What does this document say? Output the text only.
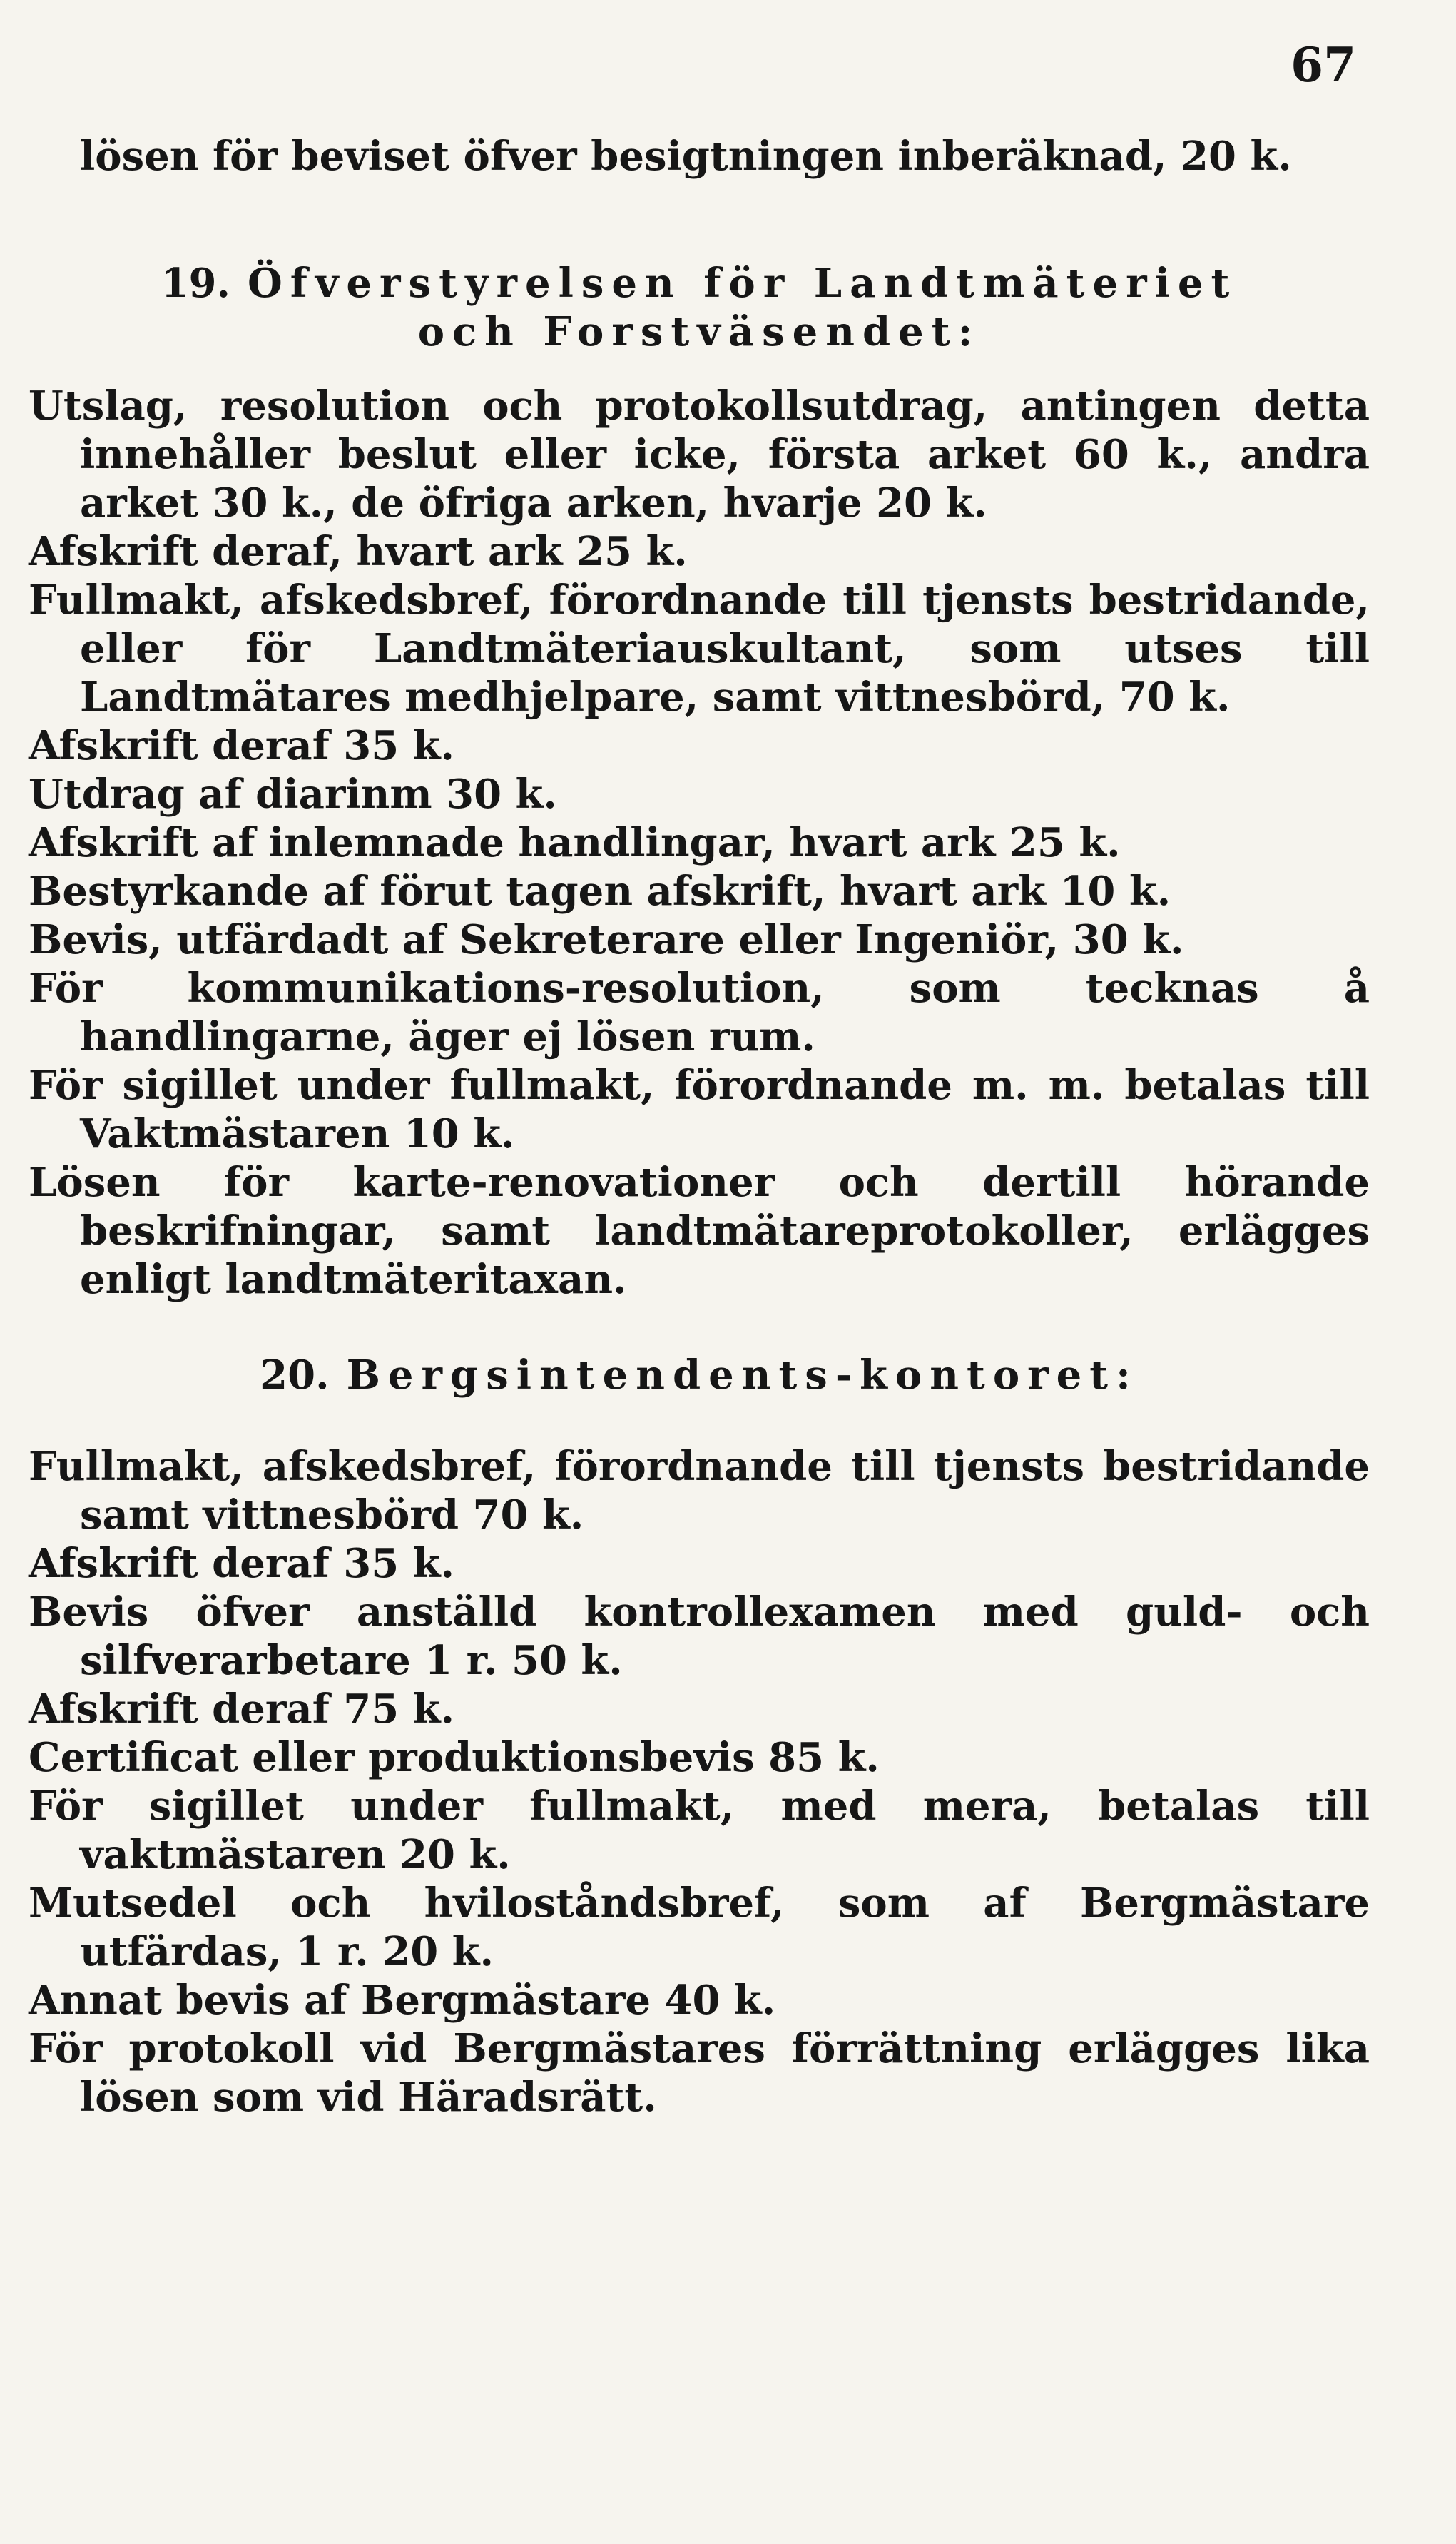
67
lösen för beviset öfver besigtningen inberäknad, 20 k.
19. Öfverstyrelsen för Landtmäteriet
och Forstväsendet:
Utslag, resolution och protokollsutdrag, antingen detta innehåller beslut eller icke, första arket 60 k., andra arket 30 k., de öfriga arken, hvarje 20 k.
Afskrift deraf, hvart ark 25 k.
Fullmakt, afskedsbref, förordnande till tjensts bestridande, eller för Landtmäteriauskultant, som utses till Landtmätares medhjelpare, samt vittnesbörd, 70 k.
Afskrift deraf 35 k.
Utdrag af diarinm 30 k.
Afskrift af inlemnade handlingar, hvart ark 25 k.
Bestyrkande af förut tagen afskrift, hvart ark 10 k.
Bevis, utfärdadt af Sekreterare eller Ingeniör, 30 k.
För kommunikations-resolution, som tecknas å handlingarne, äger ej lösen rum.
För sigillet under fullmakt, förordnande m. m. betalas till Vaktmästaren 10 k.
Lösen för karte-renovationer och dertill hörande beskrifningar, samt landtmätareprotokoller, erlägges enligt landtmäteritaxan.
20. Bergsintendents-kontoret:
Fullmakt, afskedsbref, förordnande till tjensts bestridande samt vittnesbörd 70 k.
Afskrift deraf 35 k.
Bevis öfver anställd kontrollexamen med guld- och silfverarbetare 1 r. 50 k.
Afskrift deraf 75 k.
Certificat eller produktionsbevis 85 k.
För sigillet under fullmakt, med mera, betalas till vaktmästaren 20 k.
Mutsedel och hviloståndsbref, som af Bergmästare utfärdas, 1 r. 20 k.
Annat bevis af Bergmästare 40 k.
För protokoll vid Bergmästares förrättning erlägges lika lösen som vid Häradsrätt.
